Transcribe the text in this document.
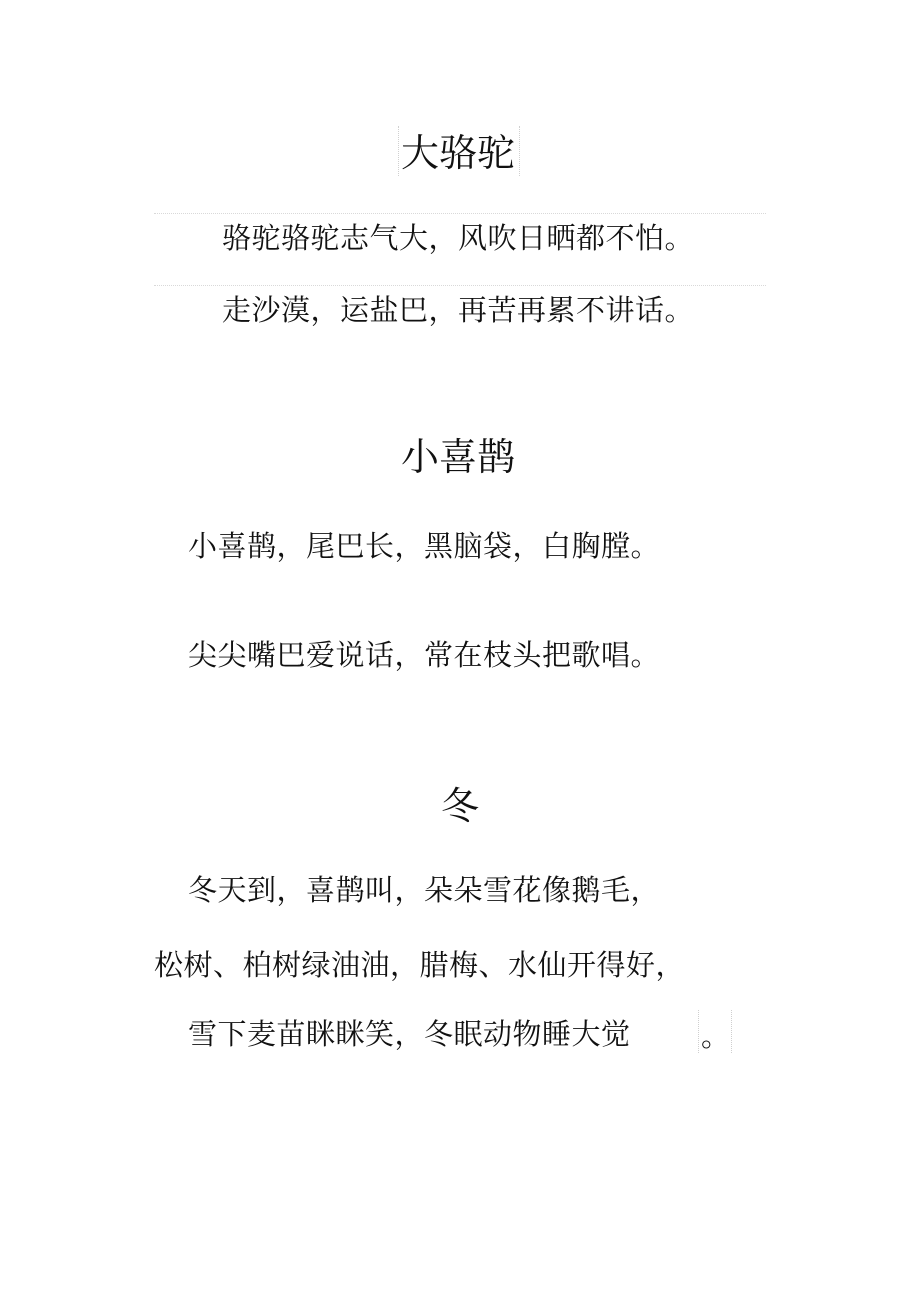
大骆驼
骆驼骆驼志气大，风吹日晒都不怕。
走沙漠，运盐巴，再苦再累不讲话。
小喜鹊
小喜鹊，尾巴长，黑脑袋，白胸膛。
尖尖嘴巴爱说话，常在枝头把歌唱。
冬
冬天到，喜鹊叫，朵朵雪花像鹅毛，
松树、柏树绿油油，腊梅、水仙开得好，
雪下麦苗眯眯笑，冬眠动物睡大觉 。
